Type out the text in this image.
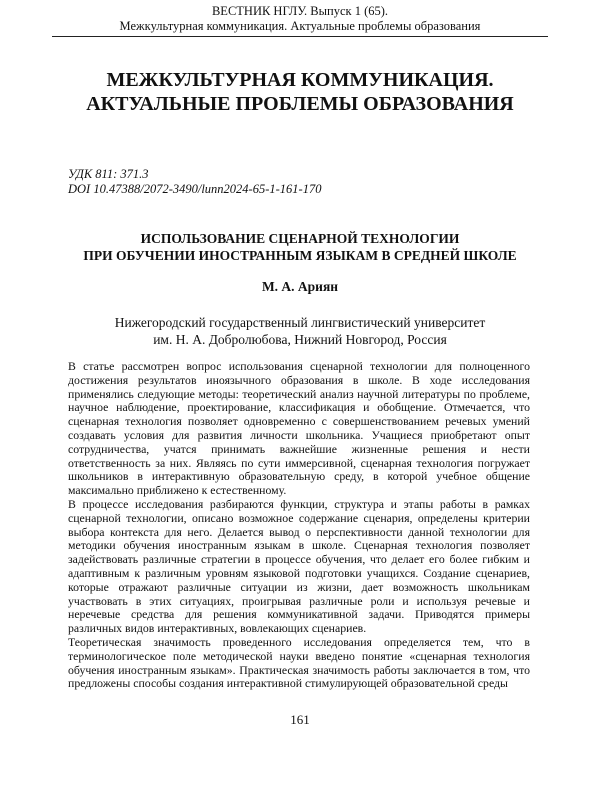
ВЕСТНИК НГЛУ. Выпуск 1 (65).
Межкультурная коммуникация. Актуальные проблемы образования
МЕЖКУЛЬТУРНАЯ КОММУНИКАЦИЯ.
АКТУАЛЬНЫЕ ПРОБЛЕМЫ ОБРАЗОВАНИЯ
УДК 811: 371.3
DOI 10.47388/2072-3490/lunn2024-65-1-161-170
ИСПОЛЬЗОВАНИЕ СЦЕНАРНОЙ ТЕХНОЛОГИИ
ПРИ ОБУЧЕНИИ ИНОСТРАННЫМ ЯЗЫКАМ В СРЕДНЕЙ ШКОЛЕ
М. А. Ариян
Нижегородский государственный лингвистический университет
им. Н. А. Добролюбова, Нижний Новгород, Россия

В статье рассмотрен вопрос использования сценарной технологии для полноценного достижения результатов иноязычного образования в школе. В ходе исследования применялись следующие методы: теоретический анализ научной литературы по проблеме, научное наблюдение, проектирование, классификация и обобщение. Отмечается, что сценарная технология позволяет одновременно с совершенствованием речевых умений создавать условия для развития личности школьника. Учащиеся приобретают опыт сотрудничества, учатся принимать важнейшие жизненные решения и нести ответственность за них. Являясь по сути иммерсивной, сценарная технология погружает школьников в интерактивную образовательную среду, в которой учебное общение максимально приближено к естественному.

В процессе исследования разбираются функции, структура и этапы работы в рамках сценарной технологии, описано возможное содержание сценария, определены критерии выбора контекста для него. Делается вывод о перспективности данной технологии для методики обучения иностранным языкам в школе. Сценарная технология позволяет задействовать различные стратегии в процессе обучения, что делает его более гибким и адаптивным к различным уровням языковой подготовки учащихся. Создание сценариев, которые отражают различные ситуации из жизни, дает возможность школьникам участвовать в этих ситуациях, проигрывая различные роли и используя речевые и неречевые средства для решения коммуникативной задачи. Приводятся примеры различных видов интерактивных, вовлекающих сценариев.

Теоретическая значимость проведенного исследования определяется тем, что в терминологическое поле методической науки введено понятие «сценарная технология обучения иностранным языкам». Практическая значимость работы заключается в том, что предложены способы создания интерактивной стимулирующей образовательной среды

161
